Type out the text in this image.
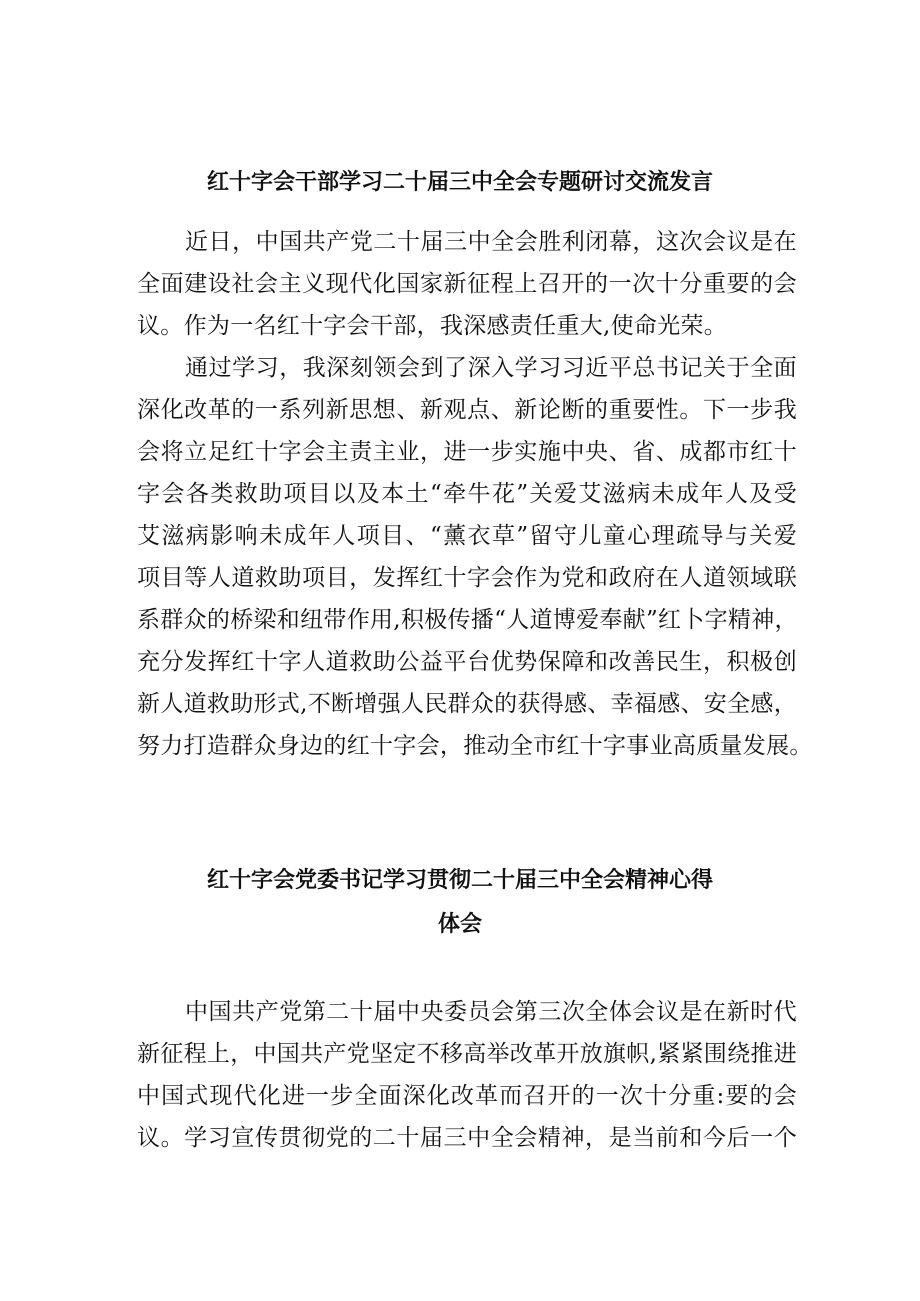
红十字会干部学习二十届三中全会专题研讨交流发言
近日，中国共产党二十届三中全会胜利闭幕，这次会议是在
全面建设社会主义现代化国家新征程上召开的一次十分重要的会
议。作为一名红十字会干部，我深感责任重大,使命光荣。
通过学习，我深刻领会到了深入学习习近平总书记关于全面
深化改革的一系列新思想、新观点、新论断的重要性。下一步我
会将立足红十字会主责主业，进一步实施中央、省、成都市红十
字会各类救助项目以及本土“牵牛花”关爱艾滋病未成年人及受
艾滋病影响未成年人项目、“薰衣草”留守儿童心理疏导与关爱
项目等人道救助项目，发挥红十字会作为党和政府在人道领域联
系群众的桥梁和纽带作用,积极传播“人道博爱奉献”红卜字精神，
充分发挥红十字人道救助公益平台优势保障和改善民生，积极创
新人道救助形式,不断增强人民群众的获得感、幸福感、安全感，
努力打造群众身边的红十字会，推动全市红十字事业高质量发展。
红十字会党委书记学习贯彻二十届三中全会精神心得
体会
中国共产党第二十届中央委员会第三次全体会议是在新时代
新征程上，中国共产党坚定不移高举改革开放旗帜,紧紧围绕推进
中国式现代化进一步全面深化改革而召开的一次十分重:要的会
议。学习宣传贯彻党的二十届三中全会精神，是当前和今后一个
